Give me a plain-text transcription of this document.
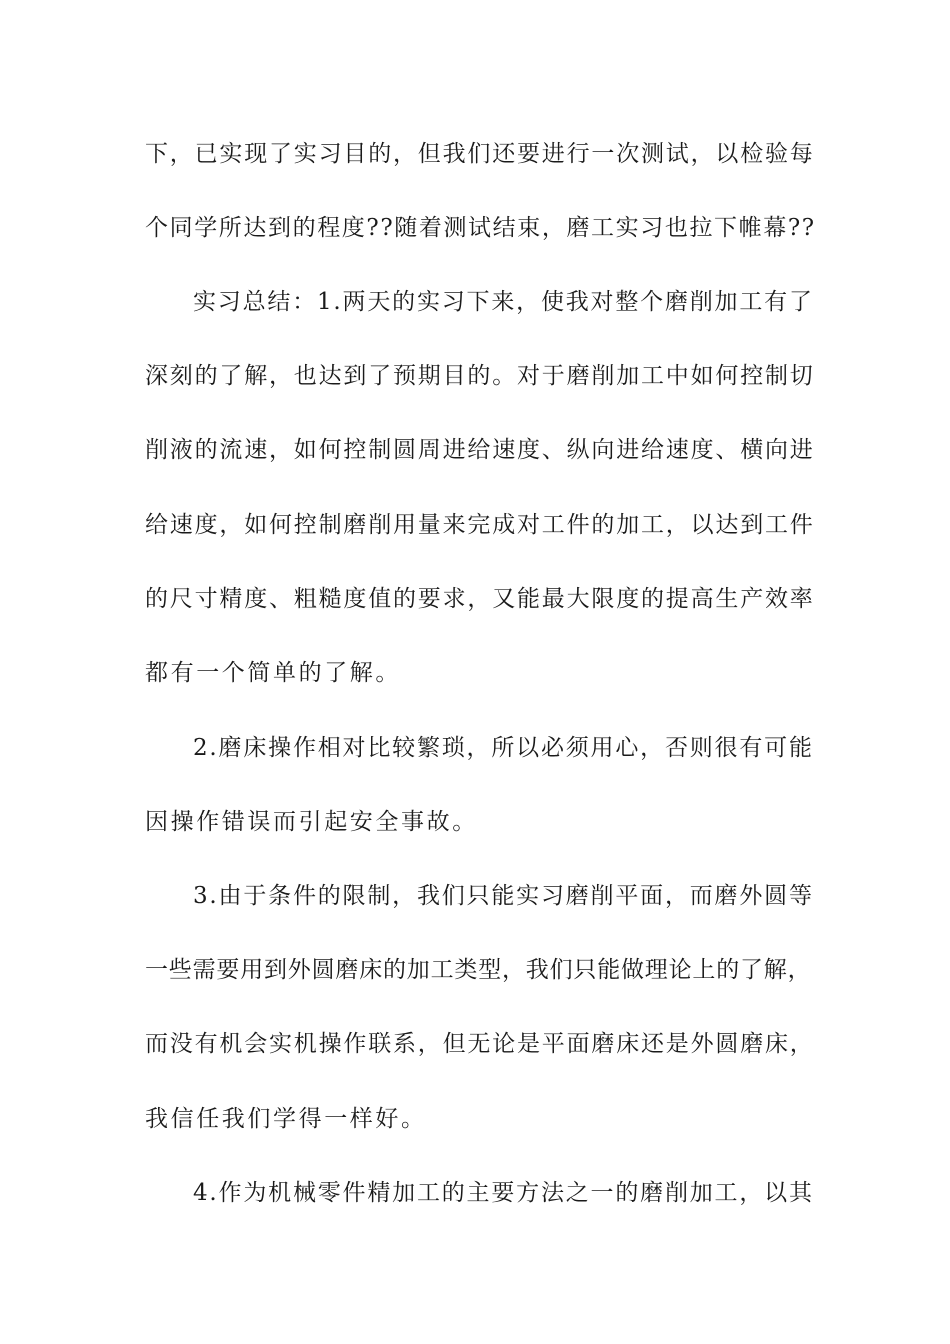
下，已实现了实习目的，但我们还要进行一次测试，以检验每

个同学所达到的程度??随着测试结束，磨工实习也拉下帷幕??

实习总结：1.两天的实习下来，使我对整个磨削加工有了

深刻的了解，也达到了预期目的。对于磨削加工中如何控制切

削液的流速，如何控制圆周进给速度、纵向进给速度、横向进

给速度，如何控制磨削用量来完成对工件的加工，以达到工件

的尺寸精度、粗糙度值的要求，又能最大限度的提高生产效率

都有一个简单的了解。

2.磨床操作相对比较繁琐，所以必须用心，否则很有可能

因操作错误而引起安全事故。

3.由于条件的限制，我们只能实习磨削平面，而磨外圆等

一些需要用到外圆磨床的加工类型，我们只能做理论上的了解，

而没有机会实机操作联系，但无论是平面磨床还是外圆磨床，

我信任我们学得一样好。

4.作为机械零件精加工的主要方法之一的磨削加工，以其
